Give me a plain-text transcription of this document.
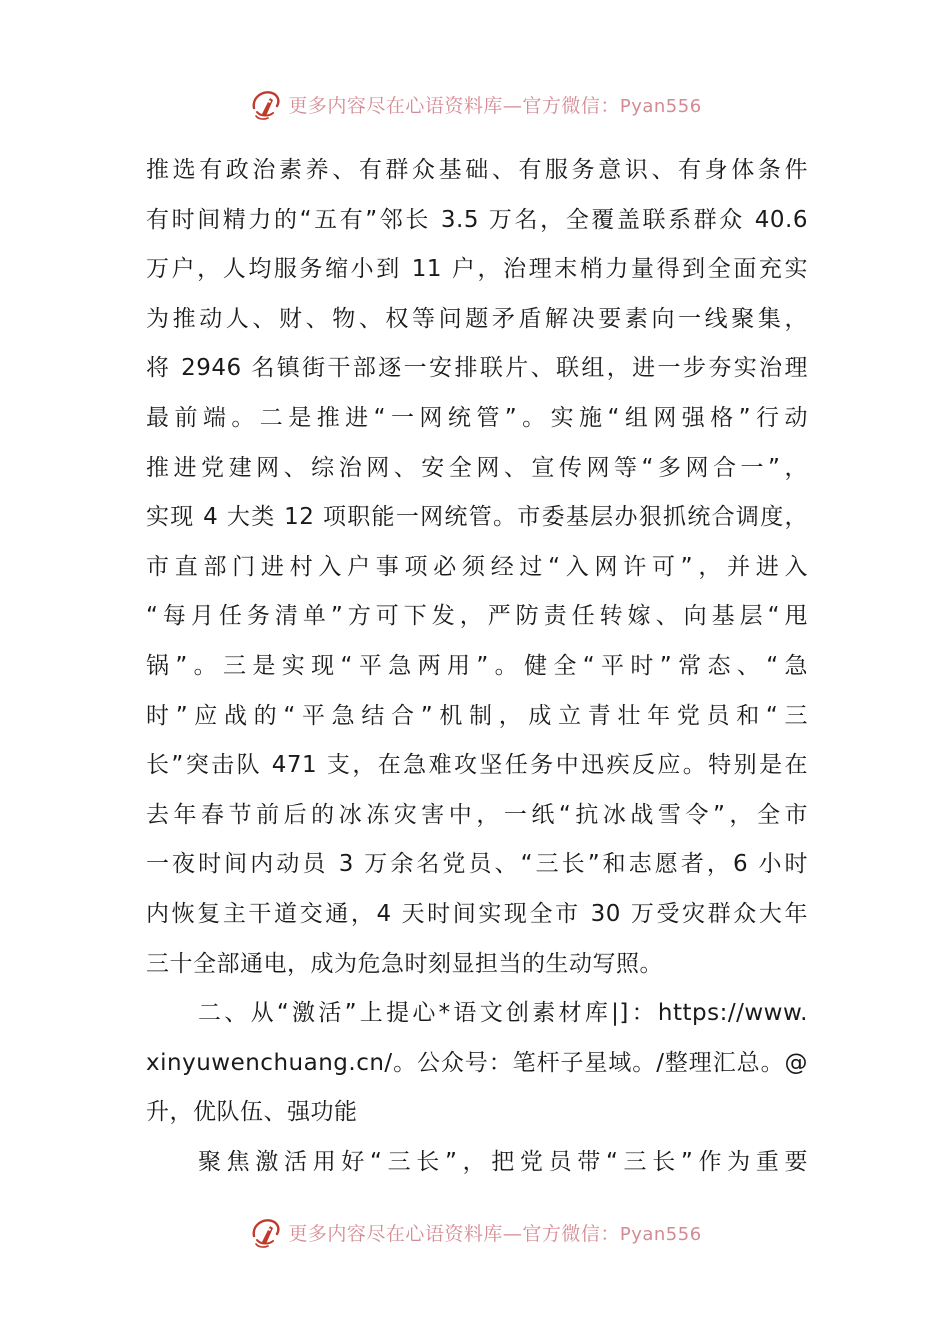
更多内容尽在心语资料库—官方微信：Pyan556
推选有政治素养、有群众基础、有服务意识、有身体条件
有时间精力的“五有”邻长 3.5 万名，全覆盖联系群众 40.6
万户，人均服务缩小到 11 户，治理末梢力量得到全面充实
为推动人、财、物、权等问题矛盾解决要素向一线聚集，
将 2946 名镇街干部逐一安排联片、联组，进一步夯实治理
最前端。二是推进“一网统管”。实施“组网强格”行动
推进党建网、综治网、安全网、宣传网等“多网合一”，
实现 4 大类 12 项职能一网统管。市委基层办狠抓统合调度，
市直部门进村入户事项必须经过“入网许可”，并进入
“每月任务清单”方可下发，严防责任转嫁、向基层“甩
锅”。三是实现“平急两用”。健全“平时”常态、“急
时”应战的“平急结合”机制，成立青壮年党员和“三
长”突击队 471 支，在急难攻坚任务中迅疾反应。特别是在
去年春节前后的冰冻灾害中，一纸“抗冰战雪令”，全市
一夜时间内动员 3 万余名党员、“三长”和志愿者，6 小时
内恢复主干道交通，4 天时间实现全市 30 万受灾群众大年
三十全部通电，成为危急时刻显担当的生动写照。
二、从“激活”上提心*语文创素材库|]：https://www.
xinyuwenchuang.cn/。公众号：笔杆子星域。/整理汇总。@
升，优队伍、强功能
聚焦激活用好“三长”，把党员带“三长”作为重要
更多内容尽在心语资料库—官方微信：Pyan556
